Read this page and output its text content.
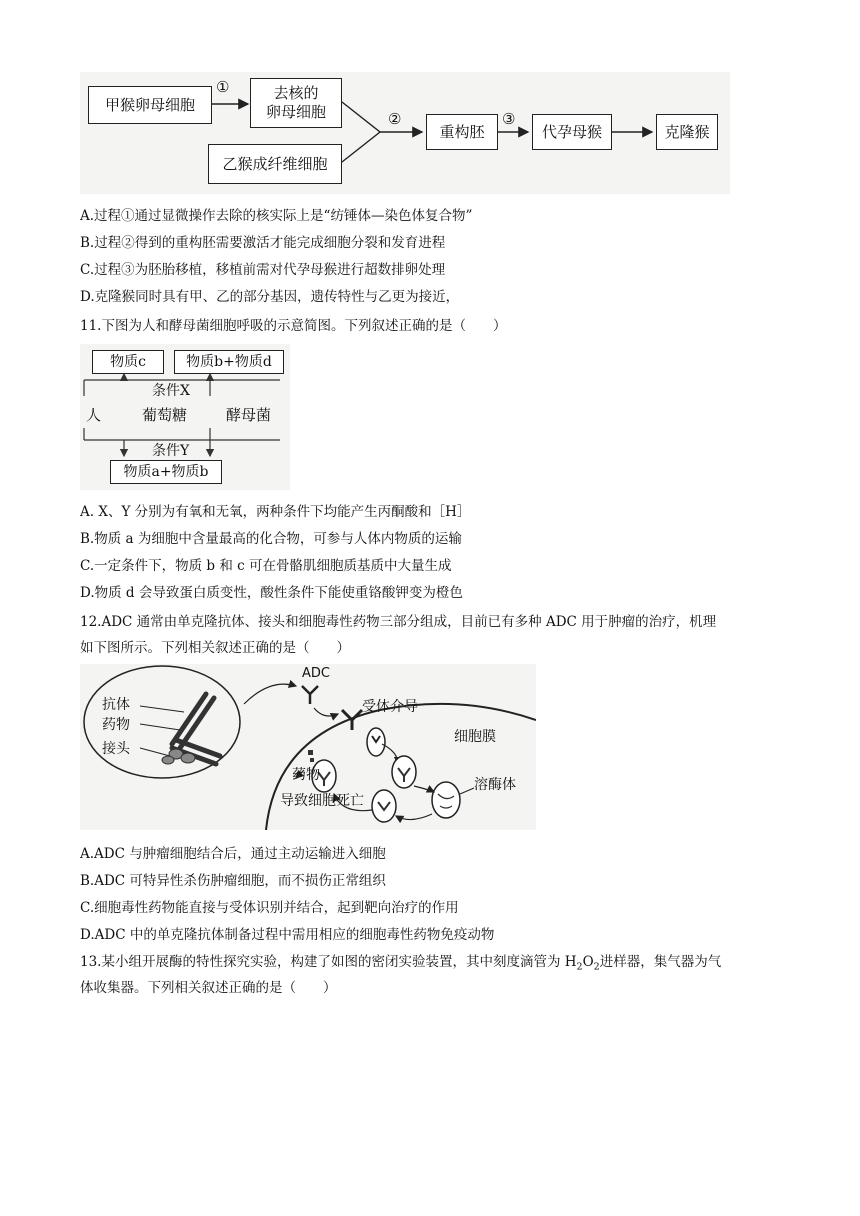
甲猴卵母细胞
①	去核的
卵母细胞
乙猴成纤维细胞
②
重构胚
③
代孕母猴	克隆猴
A.过程①通过显微操作去除的核实际上是“纺锤体—染色体复合物”
B.过程②得到的重构胚需要激活才能完成细胞分裂和发育进程
C.过程③为胚胎移植，移植前需对代孕母猴进行超数排卵处理
D.克隆猴同时具有甲、乙的部分基因，遗传特性与乙更为接近，
11.下图为人和酵母菌细胞呼吸的示意简图。下列叙述正确的是（　　）
物质c	物质b+物质d
条件X
人	葡萄糖	酵母菌
条件Y
物质a+物质b
A. X、Y 分别为有氧和无氧，两种条件下均能产生丙酮酸和［H］
B.物质 a 为细胞中含量最高的化合物，可参与人体内物质的运输
C.一定条件下，物质 b 和 c 可在骨骼肌细胞质基质中大量生成
D.物质 d 会导致蛋白质变性，酸性条件下能使重铬酸钾变为橙色
12.ADC 通常由单克隆抗体、接头和细胞毒性药物三部分组成，目前已有多种 ADC 用于肿瘤的治疗，机理
如下图所示。下列相关叙述正确的是（　　）
ADC
抗体
药物
接头
受体介导
细胞膜
药物
溶酶体
导致细胞死亡
A.ADC 与肿瘤细胞结合后，通过主动运输进入细胞
B.ADC 可特异性杀伤肿瘤细胞，而不损伤正常组织
C.细胞毒性药物能直接与受体识别并结合，起到靶向治疗的作用
D.ADC 中的单克隆抗体制备过程中需用相应的细胞毒性药物免疫动物
13.某小组开展酶的特性探究实验，构建了如图的密闭实验装置，其中刻度滴管为 $H_2O_2$进样器，集气器为气
体收集器。下列相关叙述正确的是（　　）
